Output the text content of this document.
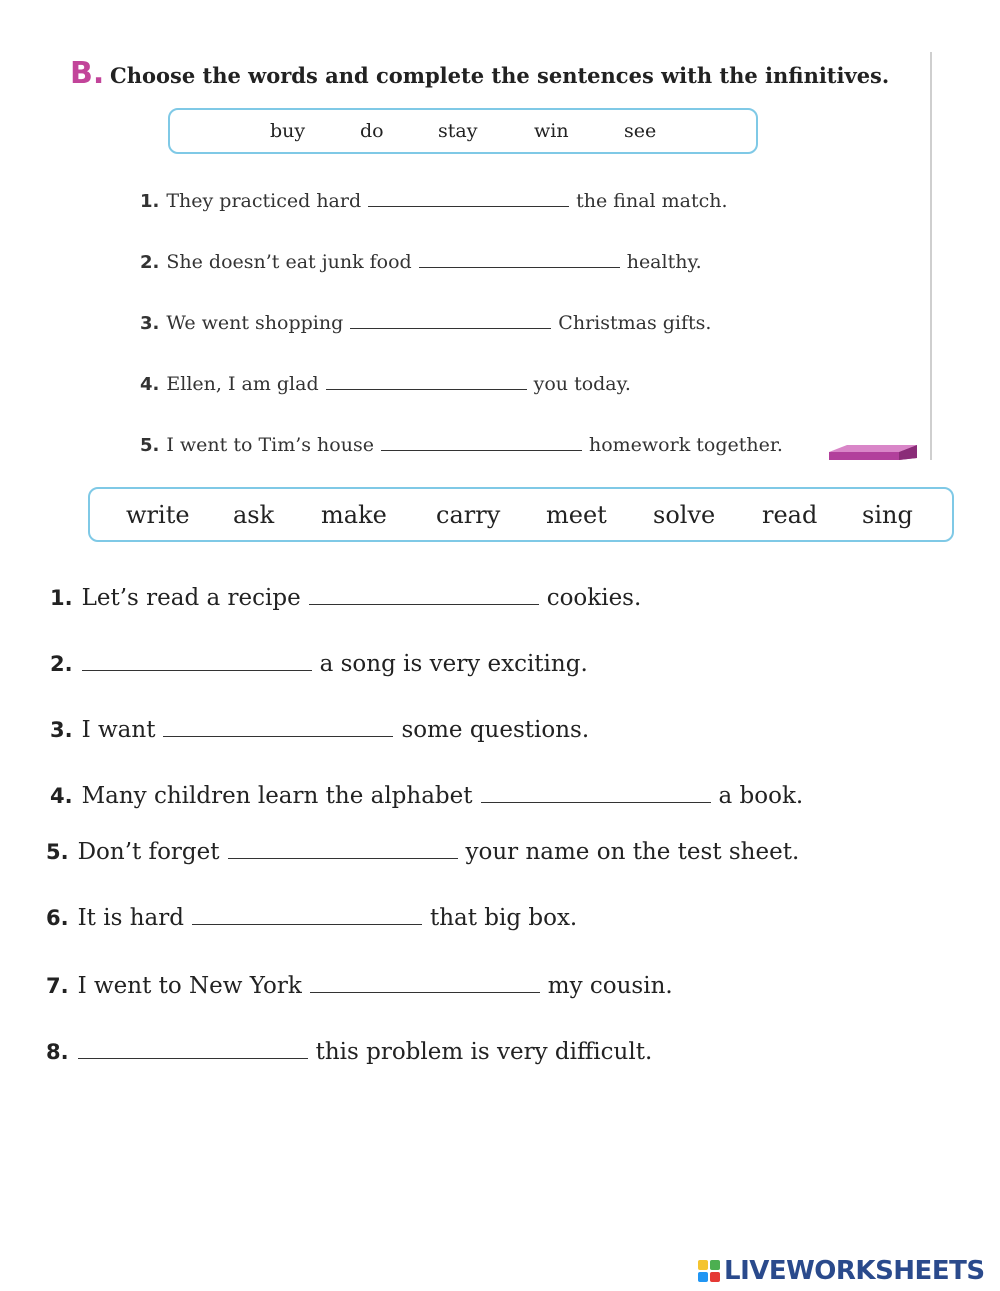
B. Choose the words and complete the sentences with the infinitives.
buy	do	stay	win	see
1. They practiced hard	the final match.
2. She doesn’t eat junk food	healthy.
3. We went shopping	Christmas gifts.
4. Ellen, I am glad	you today.
5. I went to Tim’s house	homework together.
write ask make carry meet solve read sing
1. Let’s read a recipe	cookies.
2.	a song is very exciting.
3. I want	some questions.
4. Many children learn the alphabet	a book.
5. Don’t forget	your name on the test sheet.
6. It is hard	that big box.
7. I went to New York	my cousin.
8.	this problem is very difficult.
LIVEWORKSHEETS
